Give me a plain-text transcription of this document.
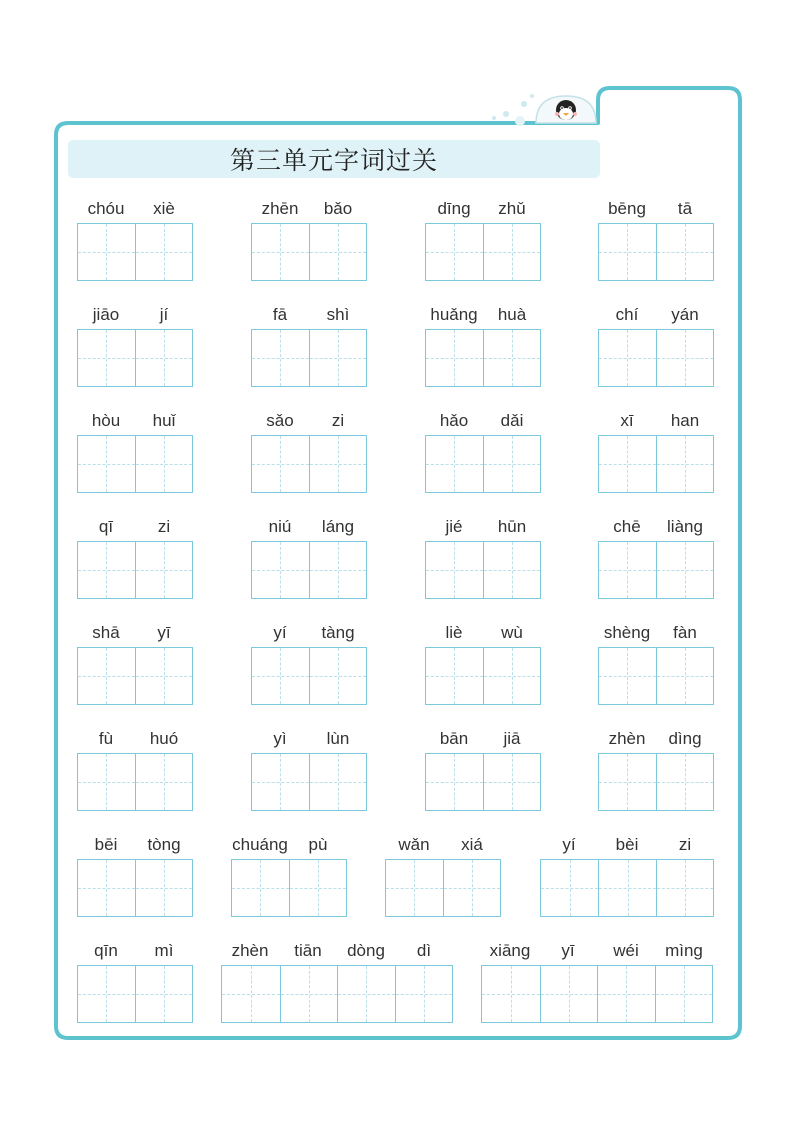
第三单元字词过关
chóu	xiè	zhēn	bǎo	dīng	zhǔ	bēng	tā
jiāo	jí	fā	shì	huǎng	huà	chí	yán
hòu	huǐ	sǎo	zi	hǎo	dǎi	xī	han
qī	zi	niú	láng	jié	hūn	chē	liàng
shā	yī	yí	tàng	liè	wù	shèng	fàn
fù	huó	yì	lùn	bān	jiā	zhèn	dìng
bēi	tòng	chuáng	pù	wǎn	xiá	yí	bèi	zi
qīn	mì	zhèn	tiān	dòng	dì	xiāng	yī	wéi	mìng
